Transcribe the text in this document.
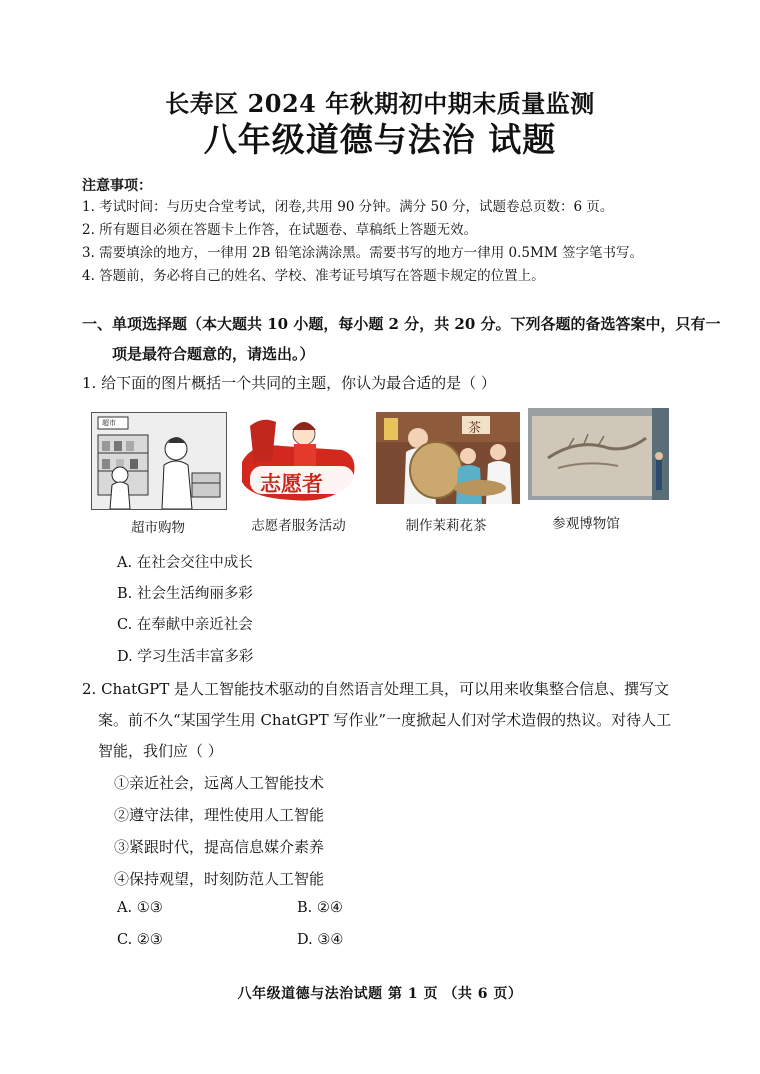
长寿区 2024 年秋期初中期末质量监测
八年级道德与法治 试题
注意事项：
1. 考试时间：与历史合堂考试，闭卷,共用 90 分钟。满分 50 分，试题卷总页数：6 页。
2. 所有题目必须在答题卡上作答，在试题卷、草稿纸上答题无效。
3. 需要填涂的地方，一律用 2B 铅笔涂满涂黑。需要书写的地方一律用 0.5MM 签字笔书写。
4. 答题前，务必将自己的姓名、学校、准考证号填写在答题卡规定的位置上。
一、单项选择题（本大题共 10 小题，每小题 2 分，共 20 分。下列各题的备选答案中，只有一
项是最符合题意的，请选出。）
1. 给下面的图片概括一个共同的主题，你认为最合适的是（ ）
超市
志愿者
茶
超市购物	志愿者服务活动	制作茉莉花茶	参观博物馆
A. 在社会交往中成长
B. 社会生活绚丽多彩
C. 在奉献中亲近社会
D. 学习生活丰富多彩
2. ChatGPT 是人工智能技术驱动的自然语言处理工具，可以用来收集整合信息、撰写文
案。前不久“某国学生用 ChatGPT 写作业”一度掀起人们对学术造假的热议。对待人工
智能，我们应（ ）
①亲近社会，远离人工智能技术
②遵守法律，理性使用人工智能
③紧跟时代，提高信息媒介素养
④保持观望，时刻防范人工智能
A. ①③	B. ②④
C. ②③	D. ③④
八年级道德与法治试题 第 1 页 （共 6 页）
